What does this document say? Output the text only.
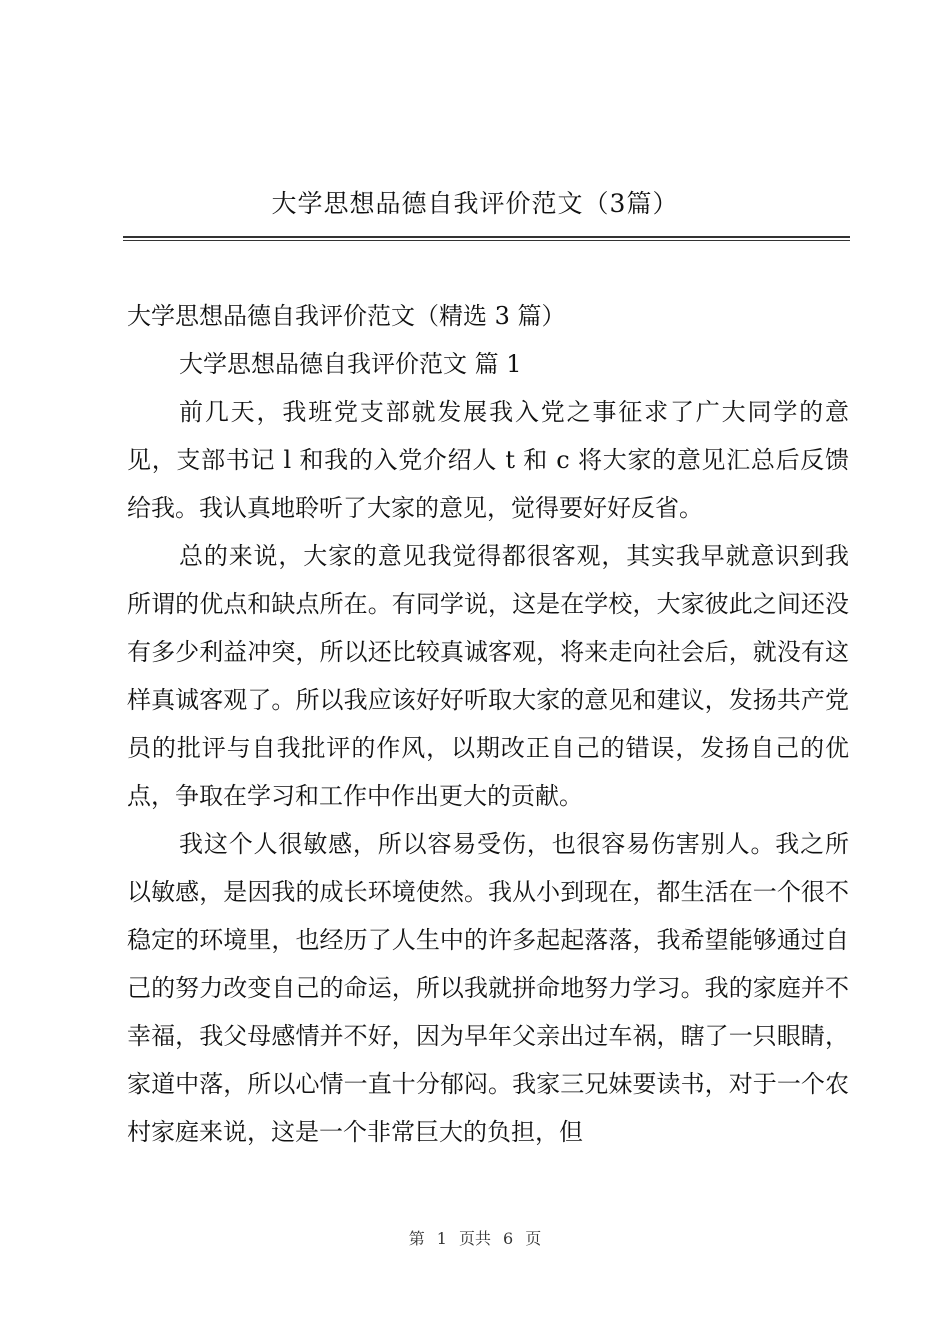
大学思想品德自我评价范文（3篇）

大学思想品德自我评价范文（精选 3 篇）

大学思想品德自我评价范文 篇 1

前几天，我班党支部就发展我入党之事征求了广大同学的意见，支部书记 l 和我的入党介绍人 t 和 c 将大家的意见汇总后反馈给我。我认真地聆听了大家的意见，觉得要好好反省。

总的来说，大家的意见我觉得都很客观，其实我早就意识到我所谓的优点和缺点所在。有同学说，这是在学校，大家彼此之间还没有多少利益冲突，所以还比较真诚客观，将来走向社会后，就没有这样真诚客观了。所以我应该好好听取大家的意见和建议，发扬共产党员的批评与自我批评的作风，以期改正自己的错误，发扬自己的优点，争取在学习和工作中作出更大的贡献。

我这个人很敏感，所以容易受伤，也很容易伤害别人。我之所以敏感，是因我的成长环境使然。我从小到现在，都生活在一个很不稳定的环境里，也经历了人生中的许多起起落落，我希望能够通过自己的努力改变自己的命运，所以我就拼命地努力学习。我的家庭并不幸福，我父母感情并不好，因为早年父亲出过车祸，瞎了一只眼睛，家道中落，所以心情一直十分郁闷。我家三兄妹要读书，对于一个农村家庭来说，这是一个非常巨大的负担，但

第 1 页共 6 页
